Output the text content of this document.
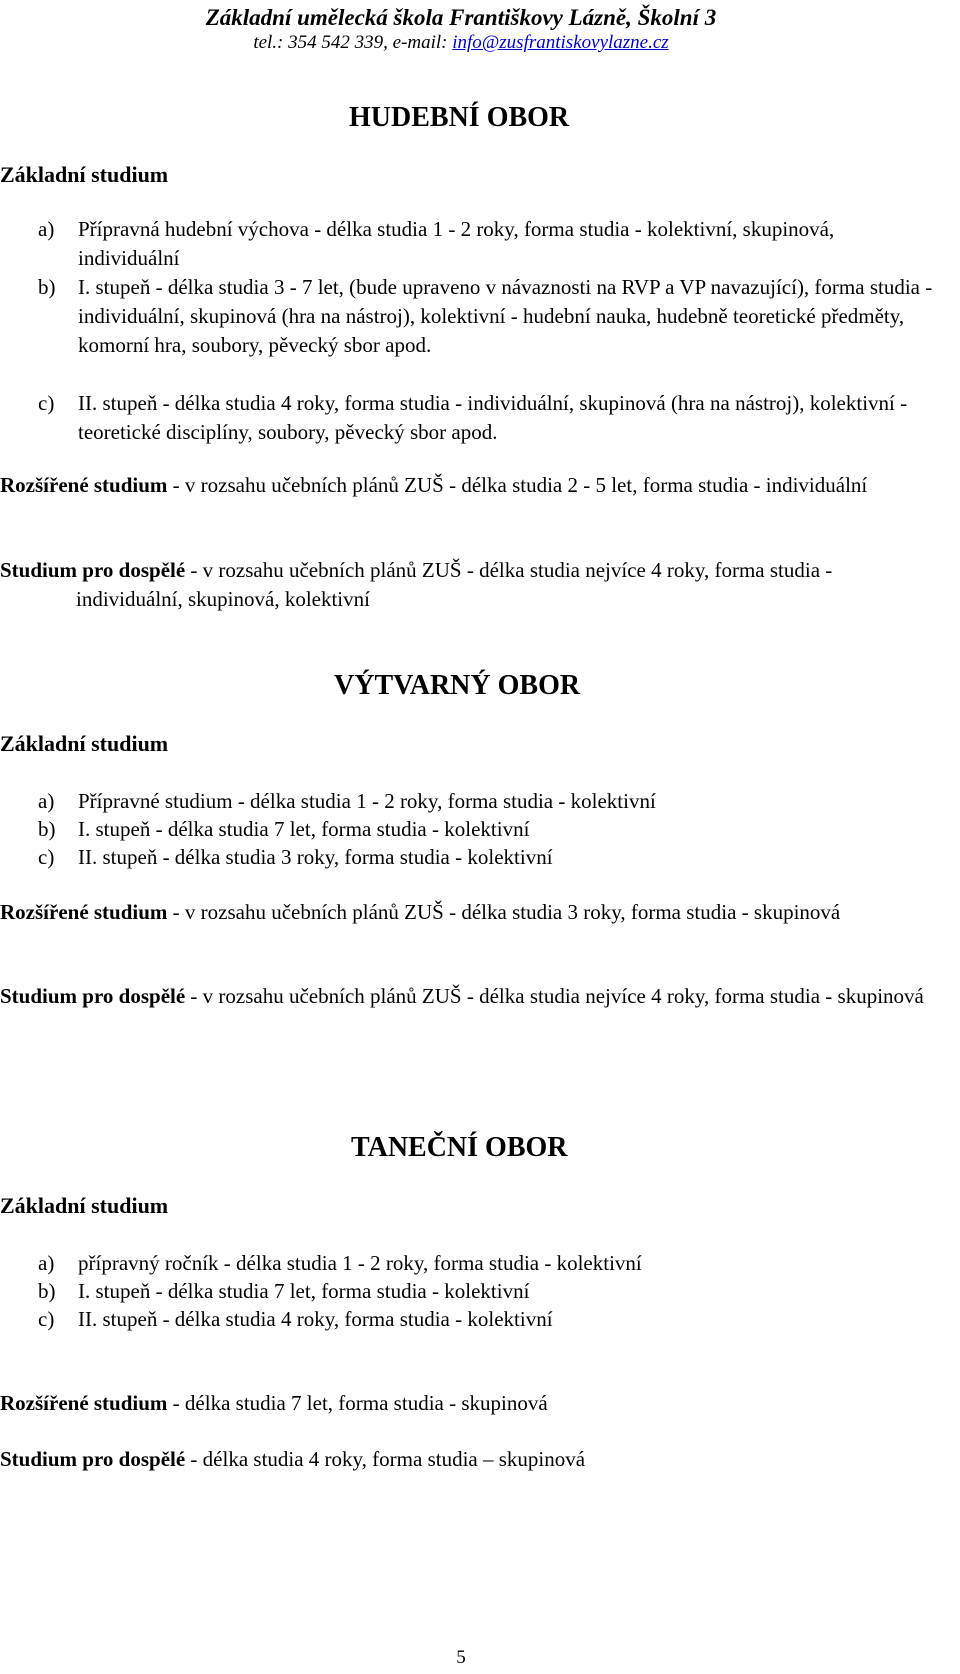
Základní umělecká škola Františkovy Lázně, Školní 3
tel.: 354 542 339, e-mail: info@zusfrantiskovylazne.cz
HUDEBNÍ OBOR
Základní studium
a) Přípravná hudební výchova - délka studia 1 - 2 roky, forma studia - kolektivní, skupinová, individuální
b) I. stupeň - délka studia 3 - 7 let, (bude upraveno v návaznosti na RVP a VP navazující), forma studia - individuální, skupinová (hra na nástroj), kolektivní - hudební nauka, hudebně teoretické předměty, komorní hra, soubory, pěvecký sbor apod.
c) II. stupeň - délka studia 4 roky, forma studia - individuální, skupinová (hra na nástroj), kolektivní - teoretické disciplíny, soubory, pěvecký sbor apod.
Rozšířené studium - v rozsahu učebních plánů ZUŠ - délka studia 2 - 5 let, forma studia - individuální
Studium pro dospělé - v rozsahu učebních plánů ZUŠ - délka studia nejvíce 4 roky, forma studia - individuální, skupinová, kolektivní
VÝTVARNÝ OBOR
Základní studium
a) Přípravné studium - délka studia 1 - 2 roky, forma studia - kolektivní
b) I. stupeň - délka studia 7 let, forma studia - kolektivní
c) II. stupeň - délka studia 3 roky, forma studia - kolektivní
Rozšířené studium - v rozsahu učebních plánů ZUŠ - délka studia 3 roky, forma studia - skupinová
Studium pro dospělé - v rozsahu učebních plánů ZUŠ - délka studia nejvíce 4 roky, forma studia - skupinová
TANEČNÍ OBOR
Základní studium
a) přípravný ročník - délka studia 1 - 2 roky, forma studia - kolektivní
b) I. stupeň - délka studia 7 let, forma studia - kolektivní
c) II. stupeň - délka studia 4 roky, forma studia - kolektivní
Rozšířené studium - délka studia 7 let, forma studia - skupinová
Studium pro dospělé - délka studia 4 roky, forma studia – skupinová
5
